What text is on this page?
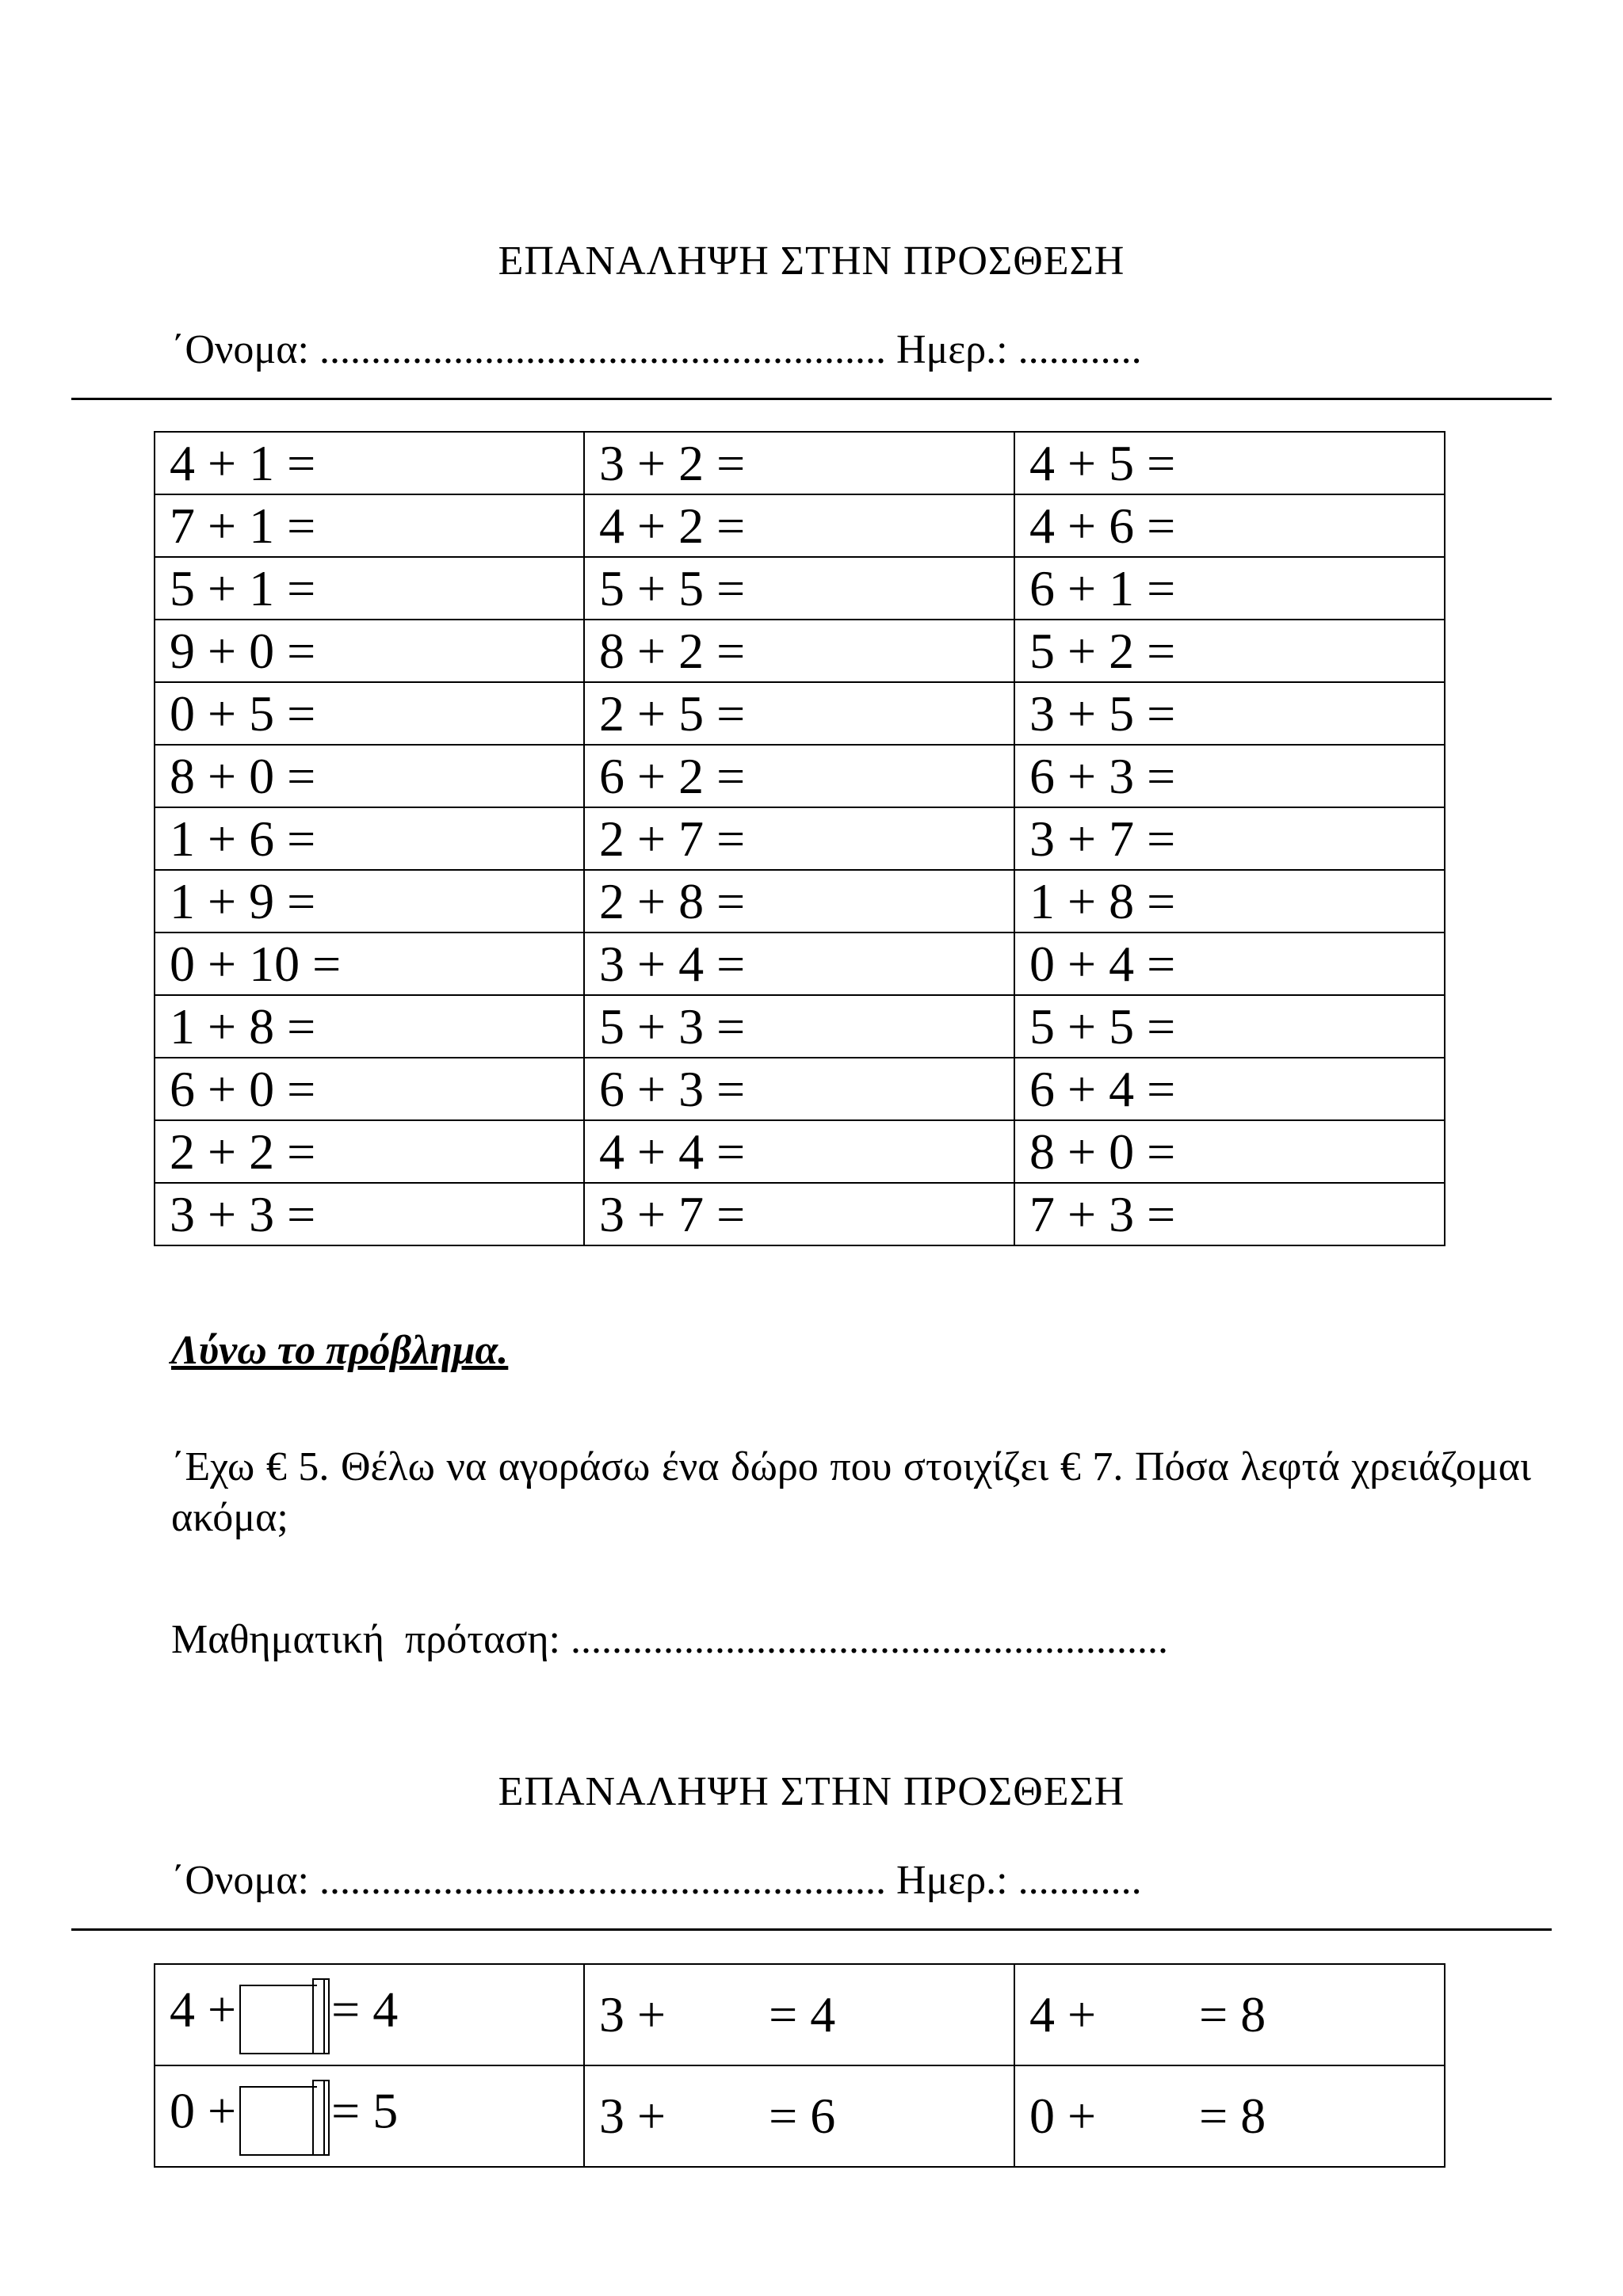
ΕΠΑΝΑΛΗΨΗ ΣΤΗΝ ΠΡΟΣΘΕΣΗ
΄Ονομα: ....................................................... Ημερ.: ............
4 + 1 =	3 + 2 =	4 + 5 =
7 + 1 =	4 + 2 =	4 + 6 =
5 + 1 =	5 + 5 =	6 + 1 =
9 + 0 =	8 + 2 =	5 + 2 =
0 + 5 =	2 + 5 =	3 + 5 =
8 + 0 =	6 + 2 =	6 + 3 =
1 + 6 =	2 + 7 =	3 + 7 =
1 + 9 =	2 + 8 =	1 + 8 =
0 + 10 =	3 + 4 =	0 + 4 =
1 + 8 =	5 + 3 =	5 + 5 =
6 + 0 =	6 + 3 =	6 + 4 =
2 + 2 =	4 + 4 =	8 + 0 =
3 + 3 =	3 + 7 =	7 + 3 =
Λύνω το πρόβλημα.
΄Εχω € 5. Θέλω να αγοράσω ένα δώρο που στοιχίζει € 7. Πόσα λεφτά χρειάζομαι ακόμα;
Μαθηματική  πρόταση: ..........................................................
ΕΠΑΝΑΛΗΨΗ ΣΤΗΝ ΠΡΟΣΘΕΣΗ
΄Ονομα: ....................................................... Ημερ.: ............
4 + = 4	3 + = 4	4 + = 8
0 + = 5	3 + = 6	0 + = 8
